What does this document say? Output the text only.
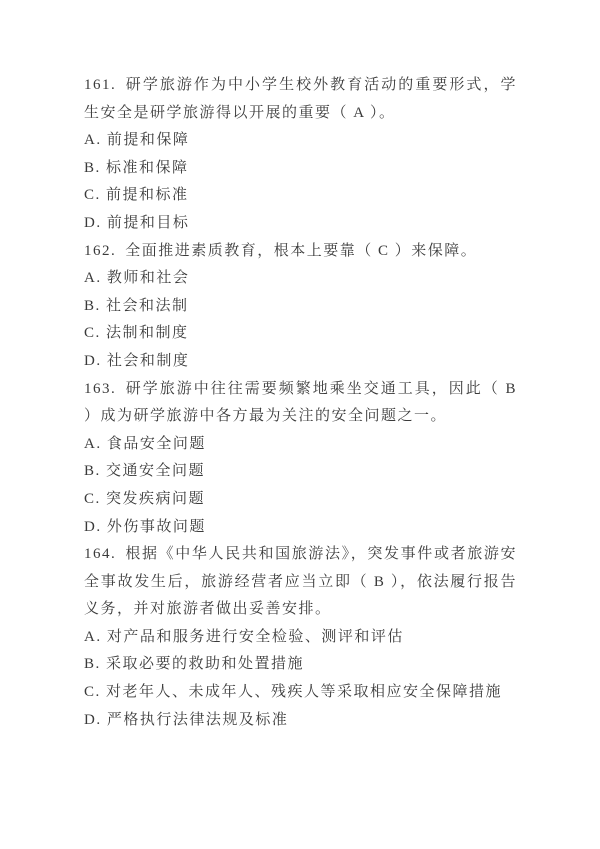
161. 研学旅游作为中小学生校外教育活动的重要形式，学生安全是研学旅游得以开展的重要（ A ）。

A. 前提和保障

B. 标准和保障

C. 前提和标准

D. 前提和目标

162. 全面推进素质教育，根本上要靠（ C ）来保障。

A. 教师和社会

B. 社会和法制

C. 法制和制度

D. 社会和制度

163. 研学旅游中往往需要频繁地乘坐交通工具，因此（ B ）成为研学旅游中各方最为关注的安全问题之一。

A. 食品安全问题

B. 交通安全问题

C. 突发疾病问题

D. 外伤事故问题

164. 根据《中华人民共和国旅游法》，突发事件或者旅游安全事故发生后，旅游经营者应当立即（ B ），依法履行报告义务，并对旅游者做出妥善安排。

A. 对产品和服务进行安全检验、测评和评估

B. 采取必要的救助和处置措施

C. 对老年人、未成年人、残疾人等采取相应安全保障措施

D. 严格执行法律法规及标准
